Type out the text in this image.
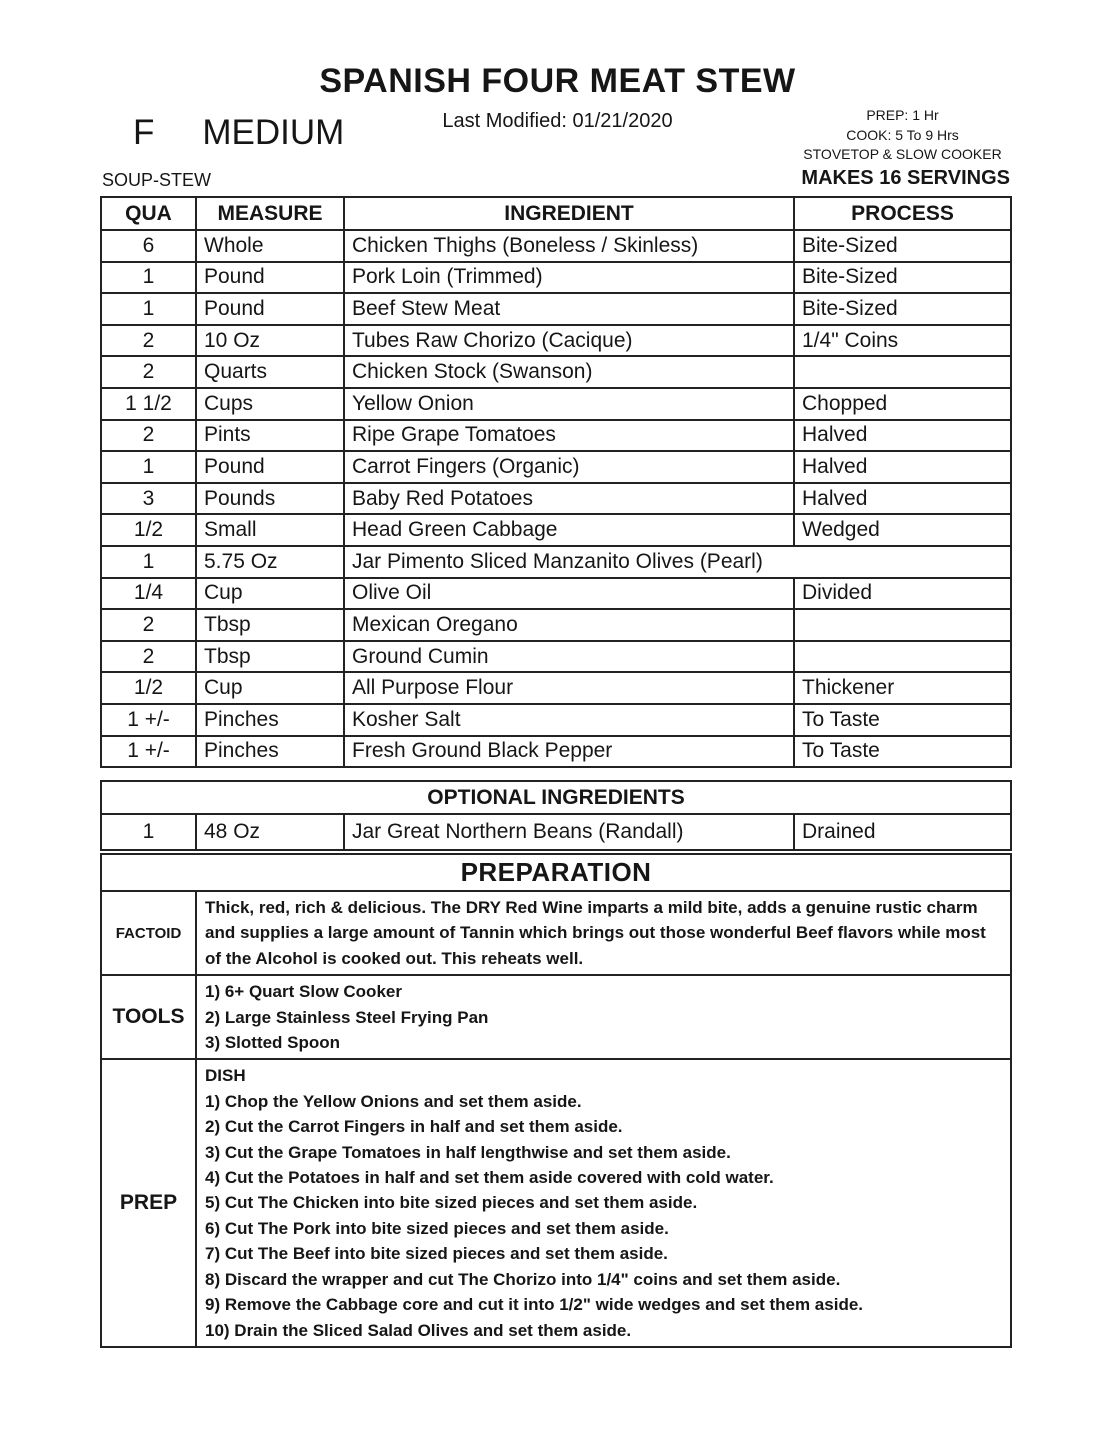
SPANISH FOUR MEAT STEW
Last Modified: 01/21/2020
F MEDIUM	PREP: 1 Hr
COOK: 5 To 9 Hrs
STOVETOP & SLOW COOKER
SOUP-STEW	MAKES 16 SERVINGS
QUA	MEASURE	INGREDIENT	PROCESS
6	Whole	Chicken Thighs (Boneless / Skinless)	Bite-Sized
1	Pound	Pork Loin (Trimmed)	Bite-Sized
1	Pound	Beef Stew Meat	Bite-Sized
2	10 Oz	Tubes Raw Chorizo (Cacique)	1/4" Coins
2	Quarts	Chicken Stock (Swanson)	
1 1/2	Cups	Yellow Onion	Chopped
2	Pints	Ripe Grape Tomatoes	Halved
1	Pound	Carrot Fingers (Organic)	Halved
3	Pounds	Baby Red Potatoes	Halved
1/2	Small	Head Green Cabbage	Wedged
1	5.75 Oz	Jar Pimento Sliced Manzanito Olives (Pearl)	
1/4	Cup	Olive Oil	Divided
2	Tbsp	Mexican Oregano	
2	Tbsp	Ground Cumin	
1/2	Cup	All Purpose Flour	Thickener
1 +/-	Pinches	Kosher Salt	To Taste
1 +/-	Pinches	Fresh Ground Black Pepper	To Taste
OPTIONAL INGREDIENTS
1	48 Oz	Jar Great Northern Beans (Randall)	Drained
PREPARATION	
FACTOID	Thick, red, rich & delicious. The DRY Red Wine imparts a mild bite, adds a genuine rustic charm and supplies a large amount of Tannin which brings out those wonderful Beef flavors while most of the Alcohol is cooked out. This reheats well.

TOOLS	1) 6+ Quart Slow Cooker
2) Large Stainless Steel Frying Pan
3) Slotted Spoon

PREP	
DISH
1) Chop the Yellow Onions and set them aside.
2) Cut the Carrot Fingers in half and set them aside.
3) Cut the Grape Tomatoes in half lengthwise and set them aside.
4) Cut the Potatoes in half and set them aside covered with cold water.
5) Cut The Chicken into bite sized pieces and set them aside.
6) Cut The Pork into bite sized pieces and set them aside.
7) Cut The Beef into bite sized pieces and set them aside.
8) Discard the wrapper and cut The Chorizo into 1/4" coins and set them aside.
9) Remove the Cabbage core and cut it into 1/2" wide wedges and set them aside.
10) Drain the Sliced Salad Olives and set them aside.
